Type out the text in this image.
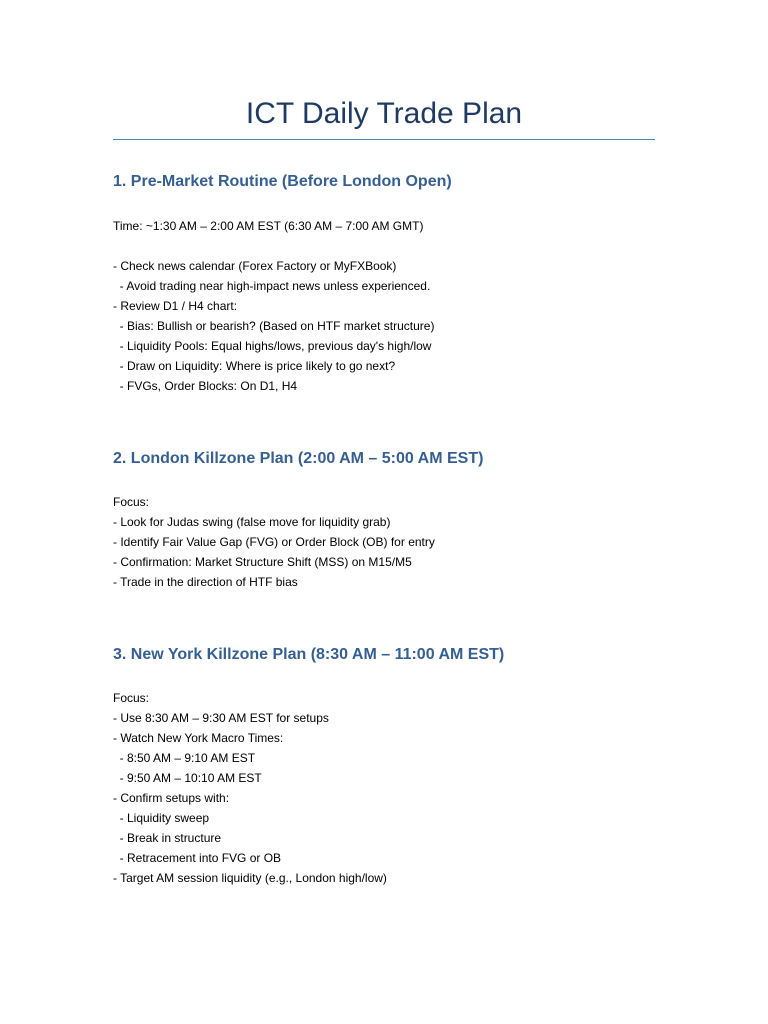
ICT Daily Trade Plan
1. Pre-Market Routine (Before London Open)
Time: ~1:30 AM – 2:00 AM EST (6:30 AM – 7:00 AM GMT)
- Check news calendar (Forex Factory or MyFXBook)
- Avoid trading near high-impact news unless experienced.
- Review D1 / H4 chart:
- Bias: Bullish or bearish? (Based on HTF market structure)
- Liquidity Pools: Equal highs/lows, previous day's high/low
- Draw on Liquidity: Where is price likely to go next?
- FVGs, Order Blocks: On D1, H4
2. London Killzone Plan (2:00 AM – 5:00 AM EST)
Focus:
- Look for Judas swing (false move for liquidity grab)
- Identify Fair Value Gap (FVG) or Order Block (OB) for entry
- Confirmation: Market Structure Shift (MSS) on M15/M5
- Trade in the direction of HTF bias
3. New York Killzone Plan (8:30 AM – 11:00 AM EST)
Focus:
- Use 8:30 AM – 9:30 AM EST for setups
- Watch New York Macro Times:
- 8:50 AM – 9:10 AM EST
- 9:50 AM – 10:10 AM EST
- Confirm setups with:
- Liquidity sweep
- Break in structure
- Retracement into FVG or OB
- Target AM session liquidity (e.g., London high/low)
